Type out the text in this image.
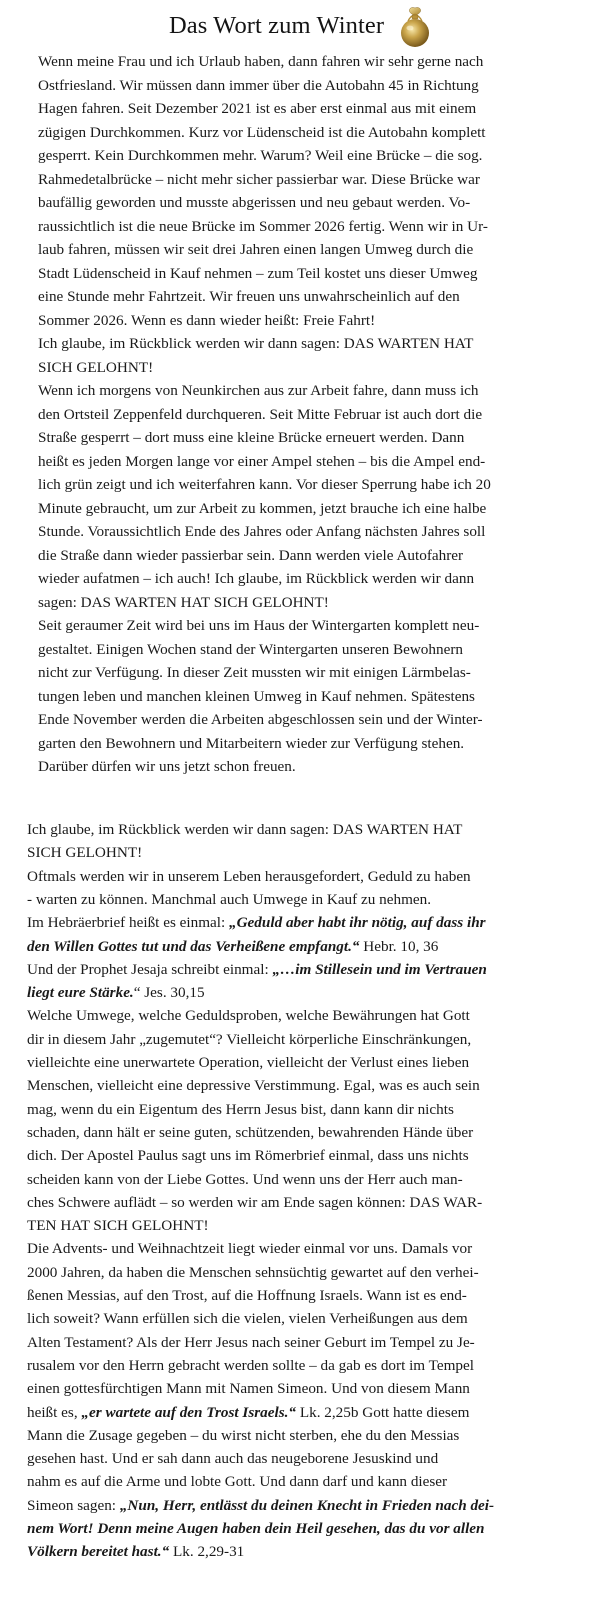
Das Wort zum Winter
Wenn meine Frau und ich Urlaub haben, dann fahren wir sehr gerne nach
Ostfriesland. Wir müssen dann immer über die Autobahn 45 in Richtung
Hagen fahren. Seit Dezember 2021 ist es aber erst einmal aus mit einem
zügigen Durchkommen. Kurz vor Lüdenscheid ist die Autobahn komplett
gesperrt. Kein Durchkommen mehr. Warum? Weil eine Brücke – die sog.
Rahmedetalbrücke – nicht mehr sicher passierbar war. Diese Brücke war
baufällig geworden und musste abgerissen und neu gebaut werden. Vo-
raussichtlich ist die neue Brücke im Sommer 2026 fertig. Wenn wir in Ur-
laub fahren, müssen wir seit drei Jahren einen langen Umweg durch die
Stadt Lüdenscheid in Kauf nehmen – zum Teil kostet uns dieser Umweg
eine Stunde mehr Fahrtzeit. Wir freuen uns unwahrscheinlich auf den
Sommer 2026. Wenn es dann wieder heißt: Freie Fahrt!
Ich glaube, im Rückblick werden wir dann sagen: DAS WARTEN HAT
SICH GELOHNT!
Wenn ich morgens von Neunkirchen aus zur Arbeit fahre, dann muss ich
den Ortsteil Zeppenfeld durchqueren. Seit Mitte Februar ist auch dort die
Straße gesperrt – dort muss eine kleine Brücke erneuert werden. Dann
heißt es jeden Morgen lange vor einer Ampel stehen – bis die Ampel end-
lich grün zeigt und ich weiterfahren kann. Vor dieser Sperrung habe ich 20
Minute gebraucht, um zur Arbeit zu kommen, jetzt brauche ich eine halbe
Stunde. Voraussichtlich Ende des Jahres oder Anfang nächsten Jahres soll
die Straße dann wieder passierbar sein. Dann werden viele Autofahrer
wieder aufatmen – ich auch! Ich glaube, im Rückblick werden wir dann
sagen: DAS WARTEN HAT SICH GELOHNT!
Seit geraumer Zeit wird bei uns im Haus der Wintergarten komplett neu-
gestaltet. Einigen Wochen stand der Wintergarten unseren Bewohnern
nicht zur Verfügung. In dieser Zeit mussten wir mit einigen Lärmbelas-
tungen leben und manchen kleinen Umweg in Kauf nehmen. Spätestens
Ende November werden die Arbeiten abgeschlossen sein und der Winter-
garten den Bewohnern und Mitarbeitern wieder zur Verfügung stehen.
Darüber dürfen wir uns jetzt schon freuen.
Ich glaube, im Rückblick werden wir dann sagen: DAS WARTEN HAT
SICH GELOHNT!
Oftmals werden wir in unserem Leben herausgefordert, Geduld zu haben
- warten zu können. Manchmal auch Umwege in Kauf zu nehmen.
Im Hebräerbrief heißt es einmal: „Geduld aber habt ihr nötig, auf dass ihr
den Willen Gottes tut und das Verheißene empfangt.“ Hebr. 10, 36
Und der Prophet Jesaja schreibt einmal: „…im Stillesein und im Vertrauen
liegt eure Stärke.“ Jes. 30,15
Welche Umwege, welche Geduldsproben, welche Bewährungen hat Gott
dir in diesem Jahr „zugemutet“? Vielleicht körperliche Einschränkungen,
vielleichte eine unerwartete Operation, vielleicht der Verlust eines lieben
Menschen, vielleicht eine depressive Verstimmung. Egal, was es auch sein
mag, wenn du ein Eigentum des Herrn Jesus bist, dann kann dir nichts
schaden, dann hält er seine guten, schützenden, bewahrenden Hände über
dich. Der Apostel Paulus sagt uns im Römerbrief einmal, dass uns nichts
scheiden kann von der Liebe Gottes. Und wenn uns der Herr auch man-
ches Schwere auflädt – so werden wir am Ende sagen können: DAS WAR-
TEN HAT SICH GELOHNT!
Die Advents- und Weihnachtzeit liegt wieder einmal vor uns. Damals vor
2000 Jahren, da haben die Menschen sehnsüchtig gewartet auf den verhei-
ßenen Messias, auf den Trost, auf die Hoffnung Israels. Wann ist es end-
lich soweit? Wann erfüllen sich die vielen, vielen Verheißungen aus dem
Alten Testament? Als der Herr Jesus nach seiner Geburt im Tempel zu Je-
rusalem vor den Herrn gebracht werden sollte – da gab es dort im Tempel
einen gottesfürchtigen Mann mit Namen Simeon. Und von diesem Mann
heißt es, „er wartete auf den Trost Israels.“ Lk. 2,25b Gott hatte diesem
Mann die Zusage gegeben – du wirst nicht sterben, ehe du den Messias
gesehen hast. Und er sah dann auch das neugeborene Jesuskind und
nahm es auf die Arme und lobte Gott. Und dann darf und kann dieser
Simeon sagen: „Nun, Herr, entlässt du deinen Knecht in Frieden nach dei-
nem Wort! Denn meine Augen haben dein Heil gesehen, das du vor allen
Völkern bereitet hast.“ Lk. 2,29-31
